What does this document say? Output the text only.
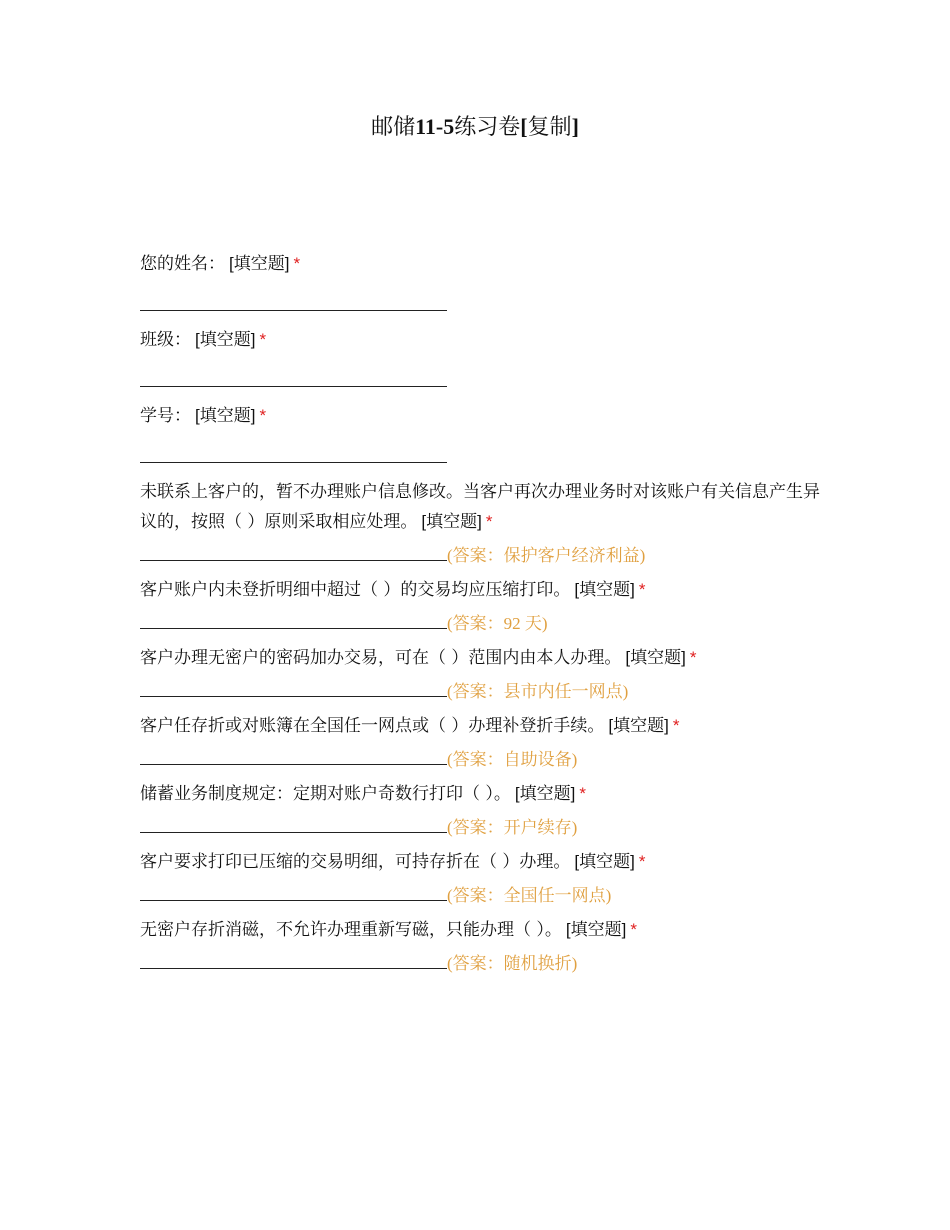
邮储11-5练习卷[复制]
您的姓名： [填空题] *
班级： [填空题] *
学号： [填空题] *
未联系上客户的，暂不办理账户信息修改。当客户再次办理业务时对该账户有关信息产生异议的，按照（ ）原则采取相应处理。 [填空题] *
(答案：保护客户经济利益)
客户账户内未登折明细中超过（ ）的交易均应压缩打印。 [填空题] *
(答案：92 天)
客户办理无密户的密码加办交易，可在（ ）范围内由本人办理。 [填空题] *
(答案：县市内任一网点)
客户任存折或对账簿在全国任一网点或（ ）办理补登折手续。 [填空题] *
(答案：自助设备)
储蓄业务制度规定：定期对账户奇数行打印（ ）。 [填空题] *
(答案：开户续存)
客户要求打印已压缩的交易明细，可持存折在（ ）办理。 [填空题] *
(答案：全国任一网点)
无密户存折消磁，不允许办理重新写磁，只能办理（ ）。 [填空题] *
(答案：随机换折)
